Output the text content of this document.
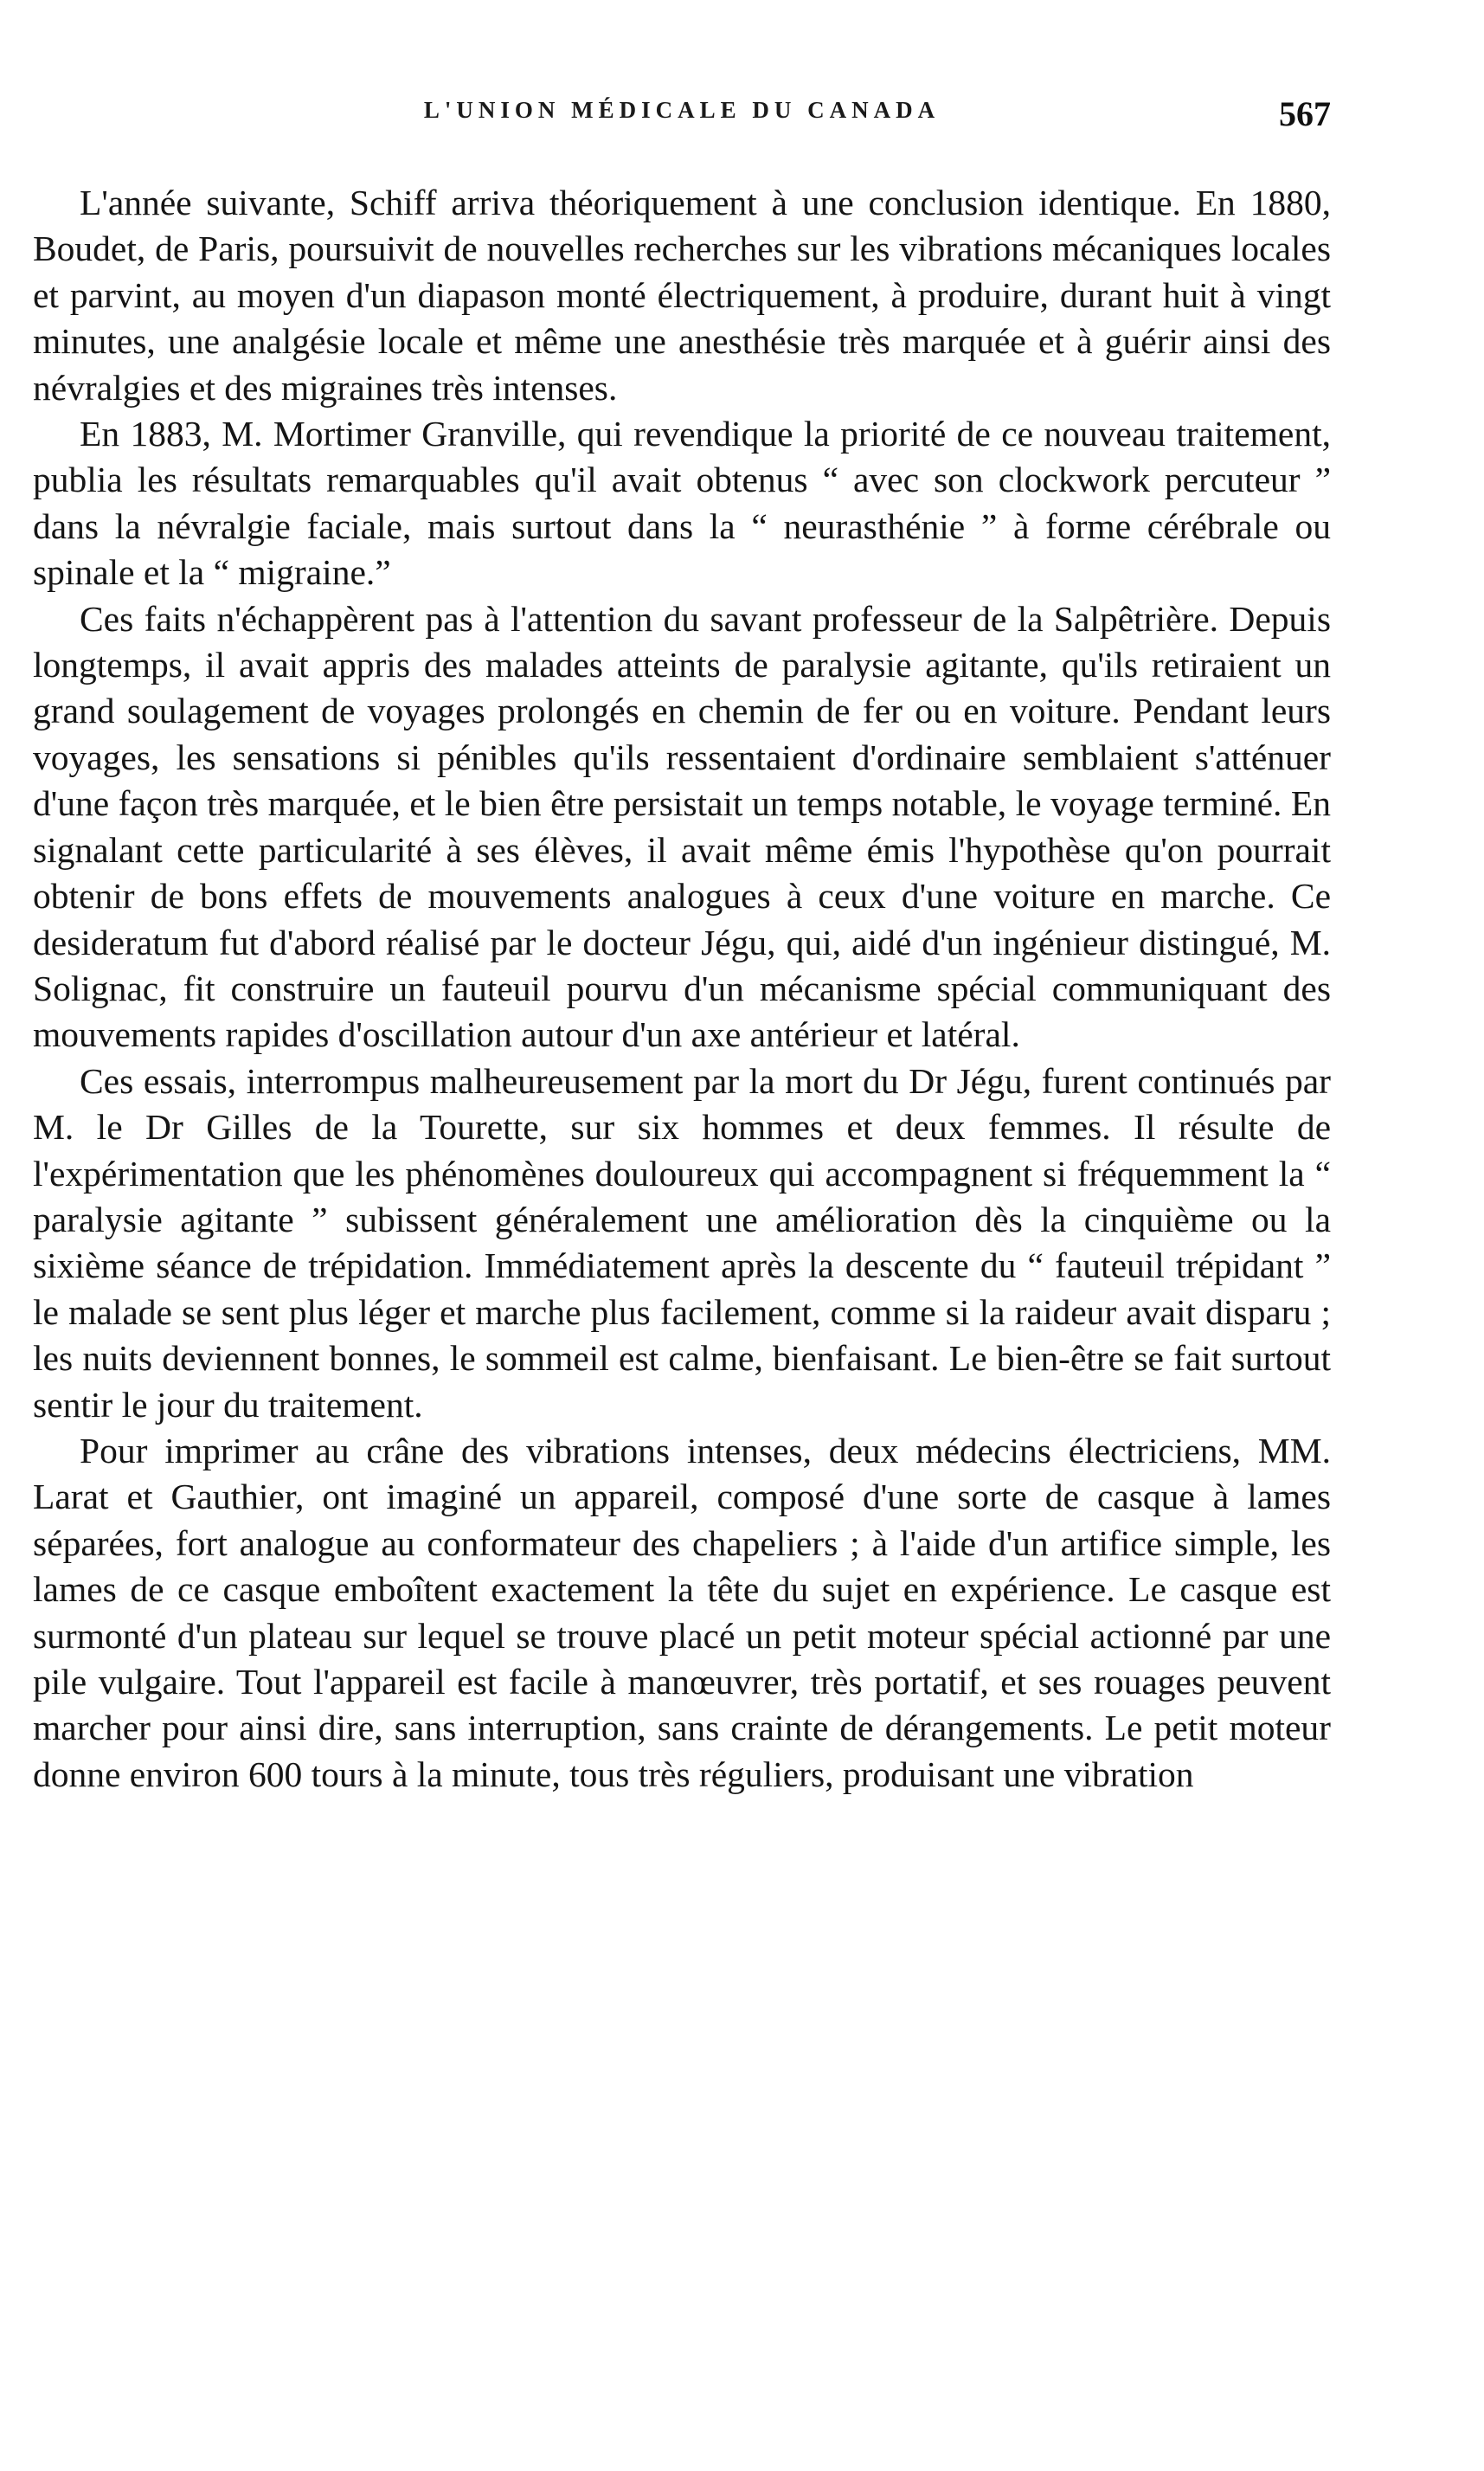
L'UNION MÉDICALE DU CANADA	567

L'année suivante, Schiff arriva théoriquement à une conclusion identique. En 1880, Boudet, de Paris, poursuivit de nouvelles recherches sur les vibrations mécaniques locales et parvint, au moyen d'un diapason monté électriquement, à produire, durant huit à vingt minutes, une analgésie locale et même une anesthésie très marquée et à guérir ainsi des névralgies et des migraines très intenses.

En 1883, M. Mortimer Granville, qui revendique la priorité de ce nouveau traitement, publia les résultats remarquables qu'il avait obtenus “ avec son clockwork percuteur ” dans la névralgie faciale, mais surtout dans la “ neurasthénie ” à forme cérébrale ou spinale et la “ migraine.”

Ces faits n'échappèrent pas à l'attention du savant professeur de la Salpêtrière. Depuis longtemps, il avait appris des malades atteints de paralysie agitante, qu'ils retiraient un grand soulagement de voyages prolongés en chemin de fer ou en voiture. Pendant leurs voyages, les sensations si pénibles qu'ils ressentaient d'ordinaire semblaient s'atténuer d'une façon très marquée, et le bien être persistait un temps notable, le voyage terminé. En signalant cette particularité à ses élèves, il avait même émis l'hypothèse qu'on pourrait obtenir de bons effets de mouvements analogues à ceux d'une voiture en marche. Ce desideratum fut d'abord réalisé par le docteur Jégu, qui, aidé d'un ingénieur distingué, M. Solignac, fit construire un fauteuil pourvu d'un mécanisme spécial communiquant des mouvements rapides d'oscillation autour d'un axe antérieur et latéral.

Ces essais, interrompus malheureusement par la mort du Dr Jégu, furent continués par M. le Dr Gilles de la Tourette, sur six hommes et deux femmes. Il résulte de l'expérimentation que les phénomènes douloureux qui accompagnent si fréquemment la “ paralysie agitante ” subissent généralement une amélioration dès la cinquième ou la sixième séance de trépidation. Immédiatement après la descente du “ fauteuil trépidant ” le malade se sent plus léger et marche plus facilement, comme si la raideur avait disparu ; les nuits deviennent bonnes, le sommeil est calme, bienfaisant. Le bien-être se fait surtout sentir le jour du traitement.

Pour imprimer au crâne des vibrations intenses, deux médecins électriciens, MM. Larat et Gauthier, ont imaginé un appareil, composé d'une sorte de casque à lames séparées, fort analogue au conformateur des chapeliers ; à l'aide d'un artifice simple, les lames de ce casque emboîtent exactement la tête du sujet en expérience. Le casque est surmonté d'un plateau sur lequel se trouve placé un petit moteur spécial actionné par une pile vulgaire. Tout l'appareil est facile à manœuvrer, très portatif, et ses rouages peuvent marcher pour ainsi dire, sans interruption, sans crainte de dérangements. Le petit moteur donne environ 600 tours à la minute, tous très réguliers, produisant une vibration
